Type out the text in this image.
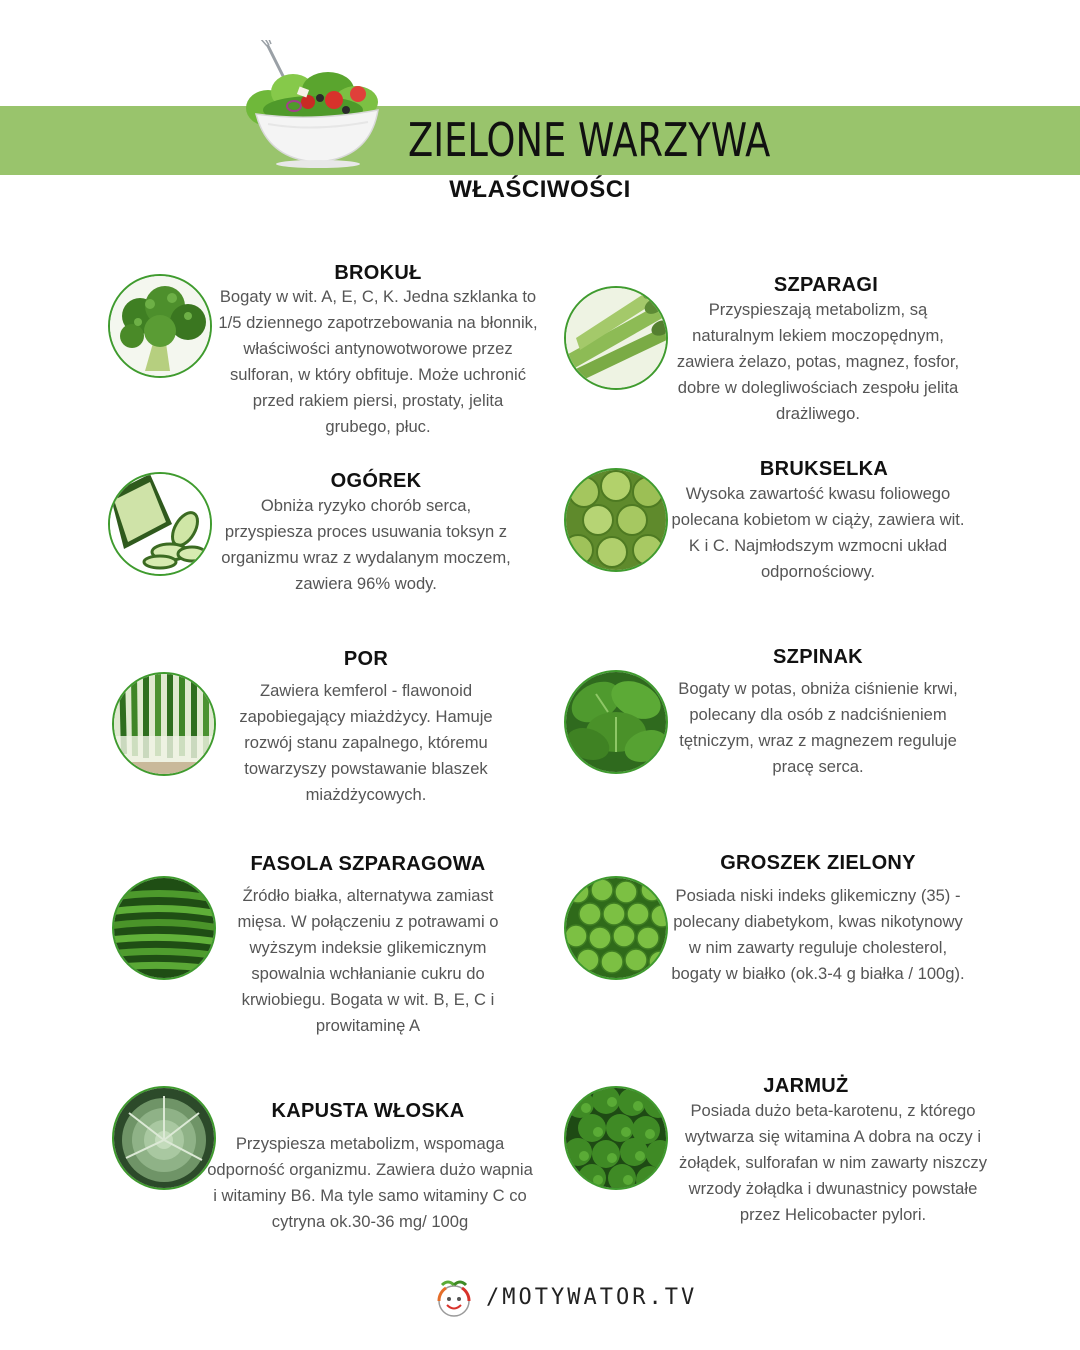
ZIELONE WARZYWA
WŁAŚCIWOŚCI
BROKUŁ
Bogaty w wit. A, E, C, K. Jedna szklanka to 1/5 dziennego zapotrzebowania na błonnik, właściwości antynowotworowe przez sulforan, w który obfituje. Może uchronić przed rakiem piersi, prostaty, jelita grubego, płuc.
SZPARAGI
Przyspieszają metabolizm, są naturalnym lekiem moczopędnym, zawiera żelazo, potas, magnez, fosfor, dobre w dolegliwościach zespołu jelita drażliwego.
OGÓREK
Obniża ryzyko chorób serca, przyspiesza proces usuwania toksyn z organizmu wraz z wydalanym moczem, zawiera 96% wody.
BRUKSELKA
Wysoka zawartość kwasu foliowego polecana kobietom w ciąży, zawiera wit. K i C. Najmłodszym wzmocni układ odpornościowy.
POR
Zawiera kemferol - flawonoid zapobiegający miażdżycy. Hamuje rozwój stanu zapalnego, któremu towarzyszy powstawanie blaszek miażdżycowych.
SZPINAK
Bogaty w potas, obniża ciśnienie krwi, polecany dla osób z nadciśnieniem tętniczym, wraz z magnezem reguluje pracę serca.
FASOLA SZPARAGOWA
Źródło białka, alternatywa zamiast mięsa. W połączeniu z potrawami o wyższym indeksie glikemicznym spowalnia wchłanianie cukru do krwiobiegu. Bogata w wit. B, E, C i prowitaminę A
GROSZEK ZIELONY
Posiada niski indeks glikemiczny (35) - polecany diabetykom, kwas nikotynowy w nim zawarty reguluje cholesterol, bogaty w białko (ok.3-4 g białka / 100g).
KAPUSTA WŁOSKA
Przyspiesza metabolizm, wspomaga odporność organizmu. Zawiera dużo wapnia i witaminy B6. Ma tyle samo witaminy C co cytryna ok.30-36 mg/ 100g
JARMUŻ
Posiada dużo beta-karotenu, z którego wytwarza się witamina A dobra na oczy i żołądek, sulforafan w nim zawarty niszczy wrzody żołądka i dwunastnicy powstałe przez Helicobacter pylori.
/MOTYWATOR.TV
